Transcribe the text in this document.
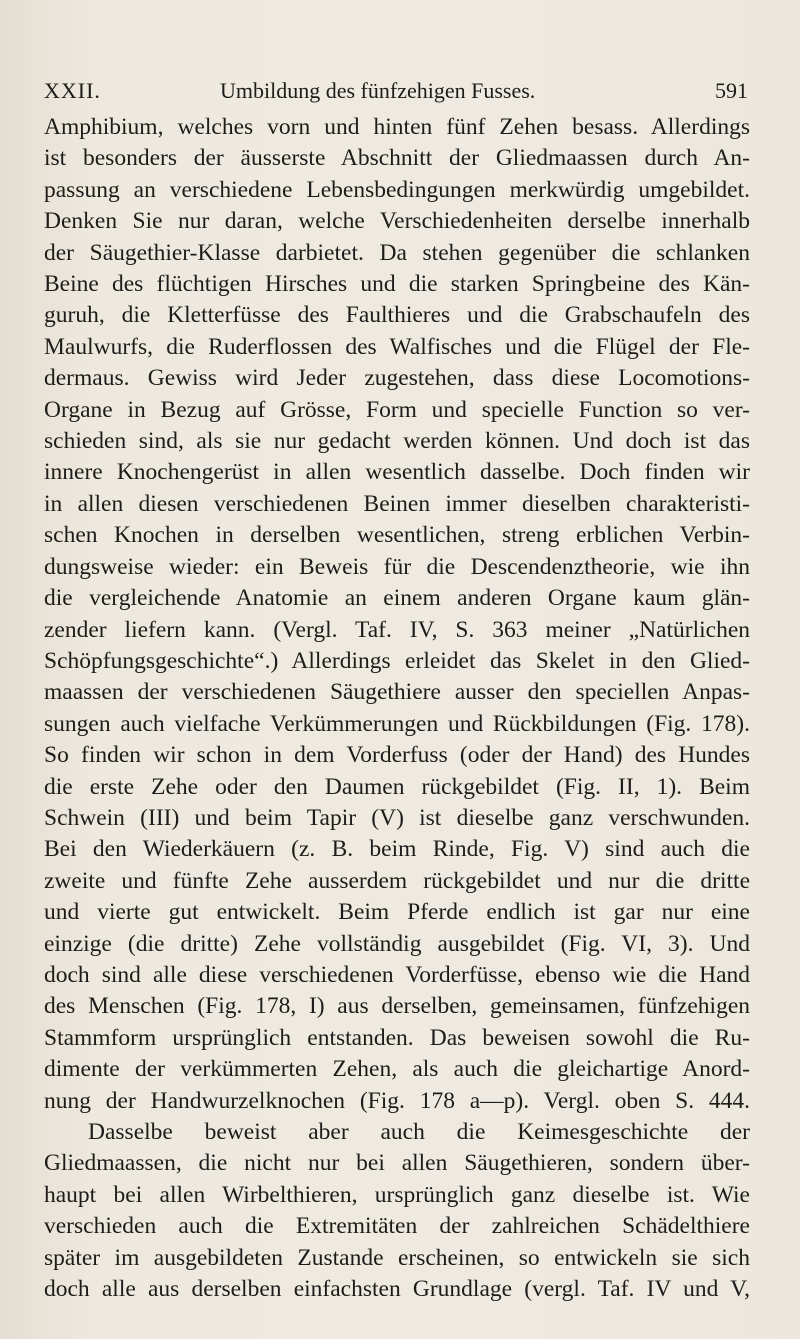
XXII.	Umbildung des fünfzehigen Fusses.	591
Amphibium, welches vorn und hinten fünf Zehen besass. Allerdings
ist besonders der äusserste Abschnitt der Gliedmaassen durch An-
passung an verschiedene Lebensbedingungen merkwürdig umgebildet.
Denken Sie nur daran, welche Verschiedenheiten derselbe innerhalb
der Säugethier-Klasse darbietet. Da stehen gegenüber die schlanken
Beine des flüchtigen Hirsches und die starken Springbeine des Kän-
guruh, die Kletterfüsse des Faulthieres und die Grabschaufeln des
Maulwurfs, die Ruderflossen des Walfisches und die Flügel der Fle-
dermaus. Gewiss wird Jeder zugestehen, dass diese Locomotions-
Organe in Bezug auf Grösse, Form und specielle Function so ver-
schieden sind, als sie nur gedacht werden können. Und doch ist das
innere Knochengerüst in allen wesentlich dasselbe. Doch finden wir
in allen diesen verschiedenen Beinen immer dieselben charakteristi-
schen Knochen in derselben wesentlichen, streng erblichen Verbin-
dungsweise wieder: ein Beweis für die Descendenztheorie, wie ihn
die vergleichende Anatomie an einem anderen Organe kaum glän-
zender liefern kann. (Vergl. Taf. IV, S. 363 meiner „Natürlichen
Schöpfungsgeschichte“.) Allerdings erleidet das Skelet in den Glied-
maassen der verschiedenen Säugethiere ausser den speciellen Anpas-
sungen auch vielfache Verkümmerungen und Rückbildungen (Fig. 178).
So finden wir schon in dem Vorderfuss (oder der Hand) des Hundes
die erste Zehe oder den Daumen rückgebildet (Fig. II, 1). Beim
Schwein (III) und beim Tapir (V) ist dieselbe ganz verschwunden.
Bei den Wiederkäuern (z. B. beim Rinde, Fig. V) sind auch die
zweite und fünfte Zehe ausserdem rückgebildet und nur die dritte
und vierte gut entwickelt. Beim Pferde endlich ist gar nur eine
einzige (die dritte) Zehe vollständig ausgebildet (Fig. VI, 3). Und
doch sind alle diese verschiedenen Vorderfüsse, ebenso wie die Hand
des Menschen (Fig. 178, I) aus derselben, gemeinsamen, fünfzehigen
Stammform ursprünglich entstanden. Das beweisen sowohl die Ru-
dimente der verkümmerten Zehen, als auch die gleichartige Anord-
nung der Handwurzelknochen (Fig. 178 a—p). Vergl. oben S. 444.
Dasselbe beweist aber auch die Keimesgeschichte der
Gliedmaassen, die nicht nur bei allen Säugethieren, sondern über-
haupt bei allen Wirbelthieren, ursprünglich ganz dieselbe ist. Wie
verschieden auch die Extremitäten der zahlreichen Schädelthiere
später im ausgebildeten Zustande erscheinen, so entwickeln sie sich
doch alle aus derselben einfachsten Grundlage (vergl. Taf. IV und V,
